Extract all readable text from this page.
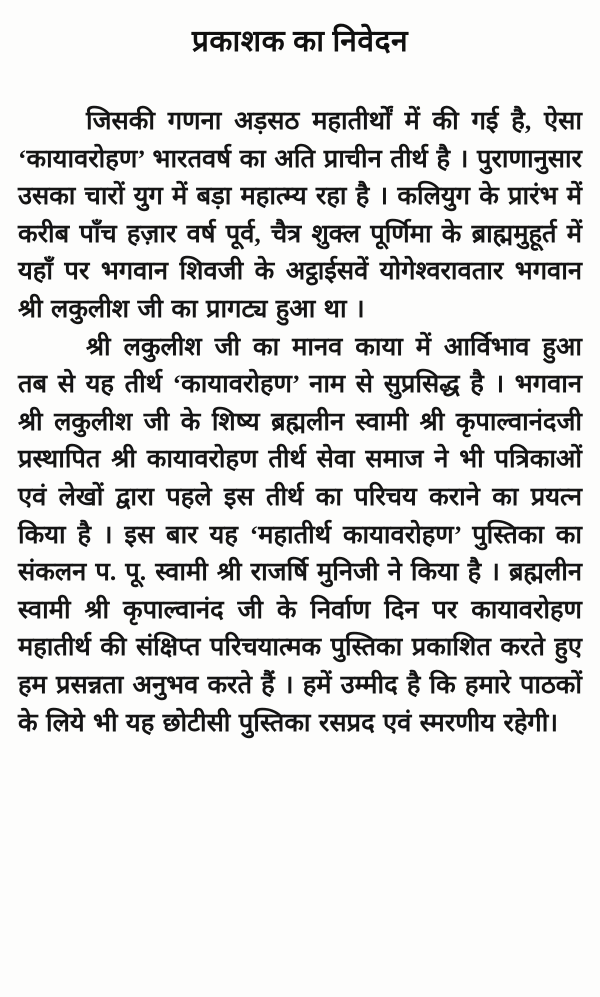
प्रकाशक का निवेदन

जिसकी गणना अड़सठ महातीर्थों में की गई है, ऐसा ‘कायावरोहण’ भारतवर्ष का अति प्राचीन तीर्थ है । पुराणानुसार उसका चारों युग में बड़ा महात्म्य रहा है । कलियुग के प्रारंभ में करीब पाँच हज़ार वर्ष पूर्व, चैत्र शुक्ल पूर्णिमा के ब्राह्ममुहूर्त में यहाँ पर भगवान शिवजी के अट्ठाईसवें योगेश्वरावतार भगवान श्री लकुलीश जी का प्रागट्य हुआ था ।

श्री लकुलीश जी का मानव काया में आर्विभाव हुआ तब से यह तीर्थ ‘कायावरोहण’ नाम से सुप्रसिद्ध है । भगवान श्री लकुलीश जी के शिष्य ब्रह्मलीन स्वामी श्री कृपाल्वानंदजी प्रस्थापित श्री कायावरोहण तीर्थ सेवा समाज ने भी पत्रिकाओं एवं लेखों द्वारा पहले इस तीर्थ का परिचय कराने का प्रयत्न किया है । इस बार यह ‘महातीर्थ कायावरोहण’ पुस्तिका का संकलन प. पू. स्वामी श्री राजर्षि मुनिजी ने किया है । ब्रह्मलीन स्वामी श्री कृपाल्वानंद जी के निर्वाण दिन पर कायावरोहण महातीर्थ की संक्षिप्त परिचयात्मक पुस्तिका प्रकाशित करते हुए हम प्रसन्नता अनुभव करते हैं । हमें उम्मीद है कि हमारे पाठकों के लिये भी यह छोटीसी पुस्तिका रसप्रद एवं स्मरणीय रहेगी।
